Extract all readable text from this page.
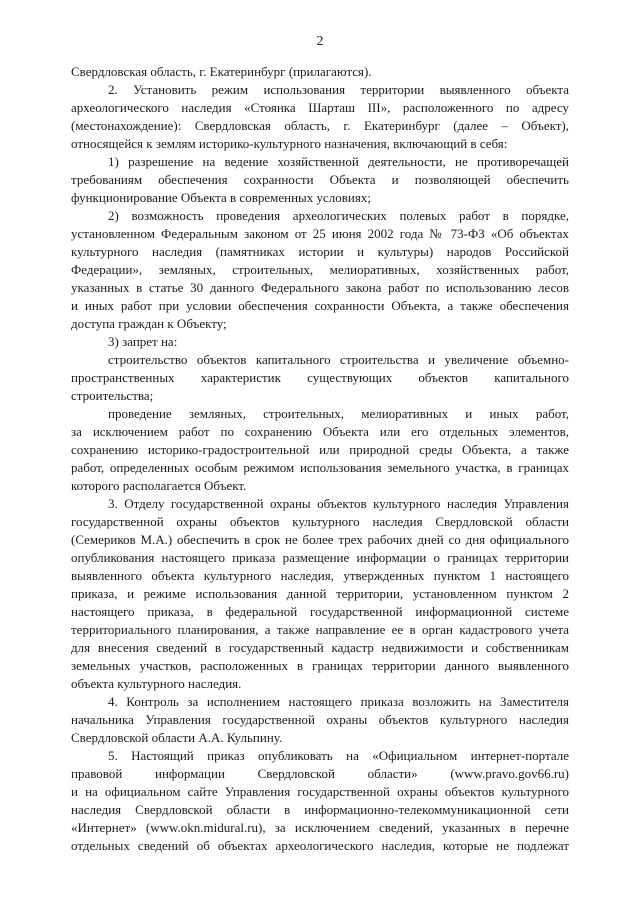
2
Свердловская область, г. Екатеринбург (прилагаются).
2. Установить режим использования территории выявленного объекта
археологического наследия «Стоянка Шарташ III», расположенного по адресу
(местонахождение): Свердловская область, г. Екатеринбург (далее – Объект),
относящейся к землям историко-культурного назначения, включающий в себя:
1) разрешение на ведение хозяйственной деятельности, не противоречащей
требованиям обеспечения сохранности Объекта и позволяющей обеспечить
функционирование Объекта в современных условиях;
2) возможность проведения археологических полевых работ в порядке,
установленном Федеральным законом от 25 июня 2002 года № 73-ФЗ «Об объектах
культурного наследия (памятниках истории и культуры) народов Российской
Федерации», земляных, строительных, мелиоративных, хозяйственных работ,
указанных в статье 30 данного Федерального закона работ по использованию лесов
и иных работ при условии обеспечения сохранности Объекта, а также обеспечения
доступа граждан к Объекту;
3) запрет на:
строительство объектов капитального строительства и увеличение объемно-
пространственных характеристик существующих объектов капитального
строительства;
проведение земляных, строительных, мелиоративных и иных работ,
за исключением работ по сохранению Объекта или его отдельных элементов,
сохранению историко-градостроительной или природной среды Объекта, а также
работ, определенных особым режимом использования земельного участка, в границах
которого располагается Объект.
3. Отделу государственной охраны объектов культурного наследия Управления
государственной охраны объектов культурного наследия Свердловской области
(Семериков М.А.) обеспечить в срок не более трех рабочих дней со дня официального
опубликования настоящего приказа размещение информации о границах территории
выявленного объекта культурного наследия, утвержденных пунктом 1 настоящего
приказа, и режиме использования данной территории, установленном пунктом 2
настоящего приказа, в федеральной государственной информационной системе
территориального планирования, а также направление ее в орган кадастрового учета
для внесения сведений в государственный кадастр недвижимости и собственникам
земельных участков, расположенных в границах территории данного выявленного
объекта культурного наследия.
4. Контроль за исполнением настоящего приказа возложить на Заместителя
начальника Управления государственной охраны объектов культурного наследия
Свердловской области А.А. Кульпину.
5. Настоящий приказ опубликовать на «Официальном интернет-портале
правовой информации Свердловской области» (www.pravo.gov66.ru)
и на официальном сайте Управления государственной охраны объектов культурного
наследия Свердловской области в информационно-телекоммуникационной сети
«Интернет» (www.okn.midural.ru), за исключением сведений, указанных в перечне
отдельных сведений об объектах археологического наследия, которые не подлежат
